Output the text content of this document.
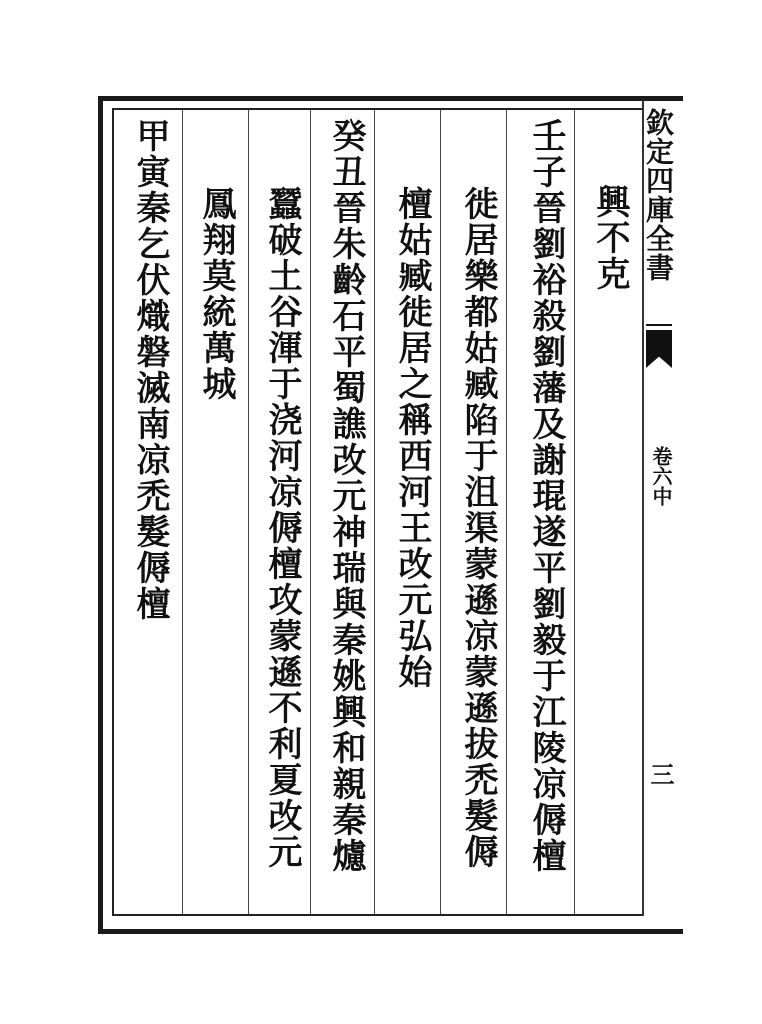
欽定四庫全書
卷六中
三
壬子晉劉裕殺劉藩及謝琨遂平劉毅于江陵凉傉檀 興不克
徙居樂都姑臧陷于沮渠蒙遜凉蒙遜拔禿髮傉
檀姑臧徙居之稱西河王改元弘始
癸丑晉朱齡石平蜀譙改元神瑞與秦姚興和親秦爈
蠶破土谷渾于浇河凉傉檀攻蒙遜不利夏改元
鳳翔莫統萬城
甲寅秦乞伏熾磐滅南凉禿髮傉檀
